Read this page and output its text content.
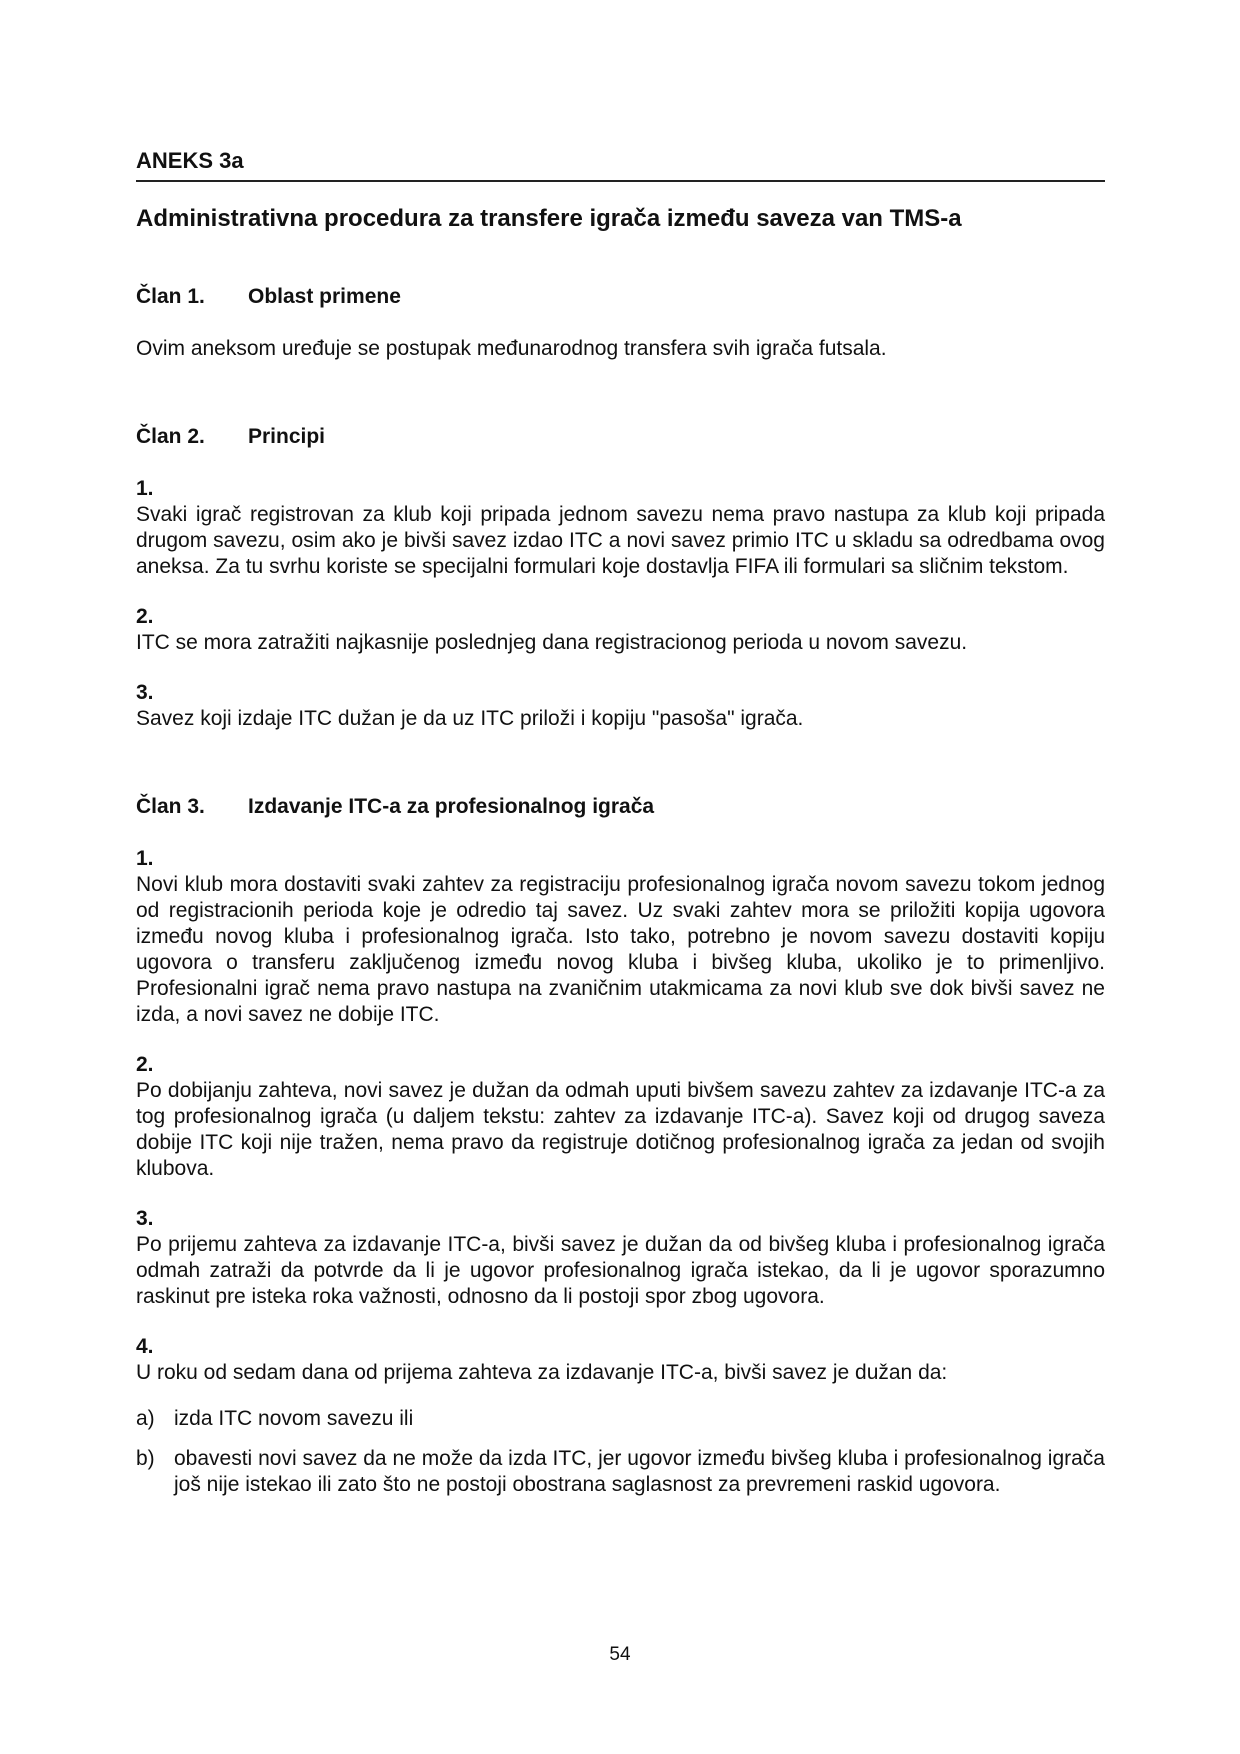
ANEKS 3a
Administrativna procedura za transfere igrača između saveza van TMS-a
Član 1.	Oblast primene

Ovim aneksom uređuje se postupak međunarodnog transfera svih igrača futsala.

Član 2.	Principi
1.
Svaki igrač registrovan za klub koji pripada jednom savezu nema pravo nastupa za klub koji pripada drugom savezu, osim ako je bivši savez izdao ITC a novi savez primio ITC u skladu sa odredbama ovog aneksa. Za tu svrhu koriste se specijalni formulari koje dostavlja FIFA ili formulari sa sličnim tekstom.
2.
ITC se mora zatražiti najkasnije poslednjeg dana registracionog perioda u novom savezu.
3.
Savez koji izdaje ITC dužan je da uz ITC priloži i kopiju "pasoša" igrača.
Član 3.	Izdavanje ITC-a za profesionalnog igrača
1.
Novi klub mora dostaviti svaki zahtev za registraciju profesionalnog igrača novom savezu tokom jednog od registracionih perioda koje je odredio taj savez. Uz svaki zahtev mora se priložiti kopija ugovora između novog kluba i profesionalnog igrača. Isto tako, potrebno je novom savezu dostaviti kopiju ugovora o transferu zaključenog između novog kluba i bivšeg kluba, ukoliko je to primenljivo. Profesionalni igrač nema pravo nastupa na zvaničnim utakmicama za novi klub sve dok bivši savez ne izda, a novi savez ne dobije ITC.
2.
Po dobijanju zahteva, novi savez je dužan da odmah uputi bivšem savezu zahtev za izdavanje ITC-a za tog profesionalnog igrača (u daljem tekstu: zahtev za izdavanje ITC-a). Savez koji od drugog saveza dobije ITC koji nije tražen, nema pravo da registruje dotičnog profesionalnog igrača za jedan od svojih klubova.
3.
Po prijemu zahteva za izdavanje ITC-a, bivši savez je dužan da od bivšeg kluba i profesionalnog igrača odmah zatraži da potvrde da li je ugovor profesionalnog igrača istekao, da li je ugovor sporazumno raskinut pre isteka roka važnosti, odnosno da li postoji spor zbog ugovora.
4.
U roku od sedam dana od prijema zahteva za izdavanje ITC-a, bivši savez je dužan da:
a) izda ITC novom savezu ili
b) obavesti novi savez da ne može da izda ITC, jer ugovor između bivšeg kluba i profesionalnog igrača još nije istekao ili zato što ne postoji obostrana saglasnost za prevremeni raskid ugovora.
54
